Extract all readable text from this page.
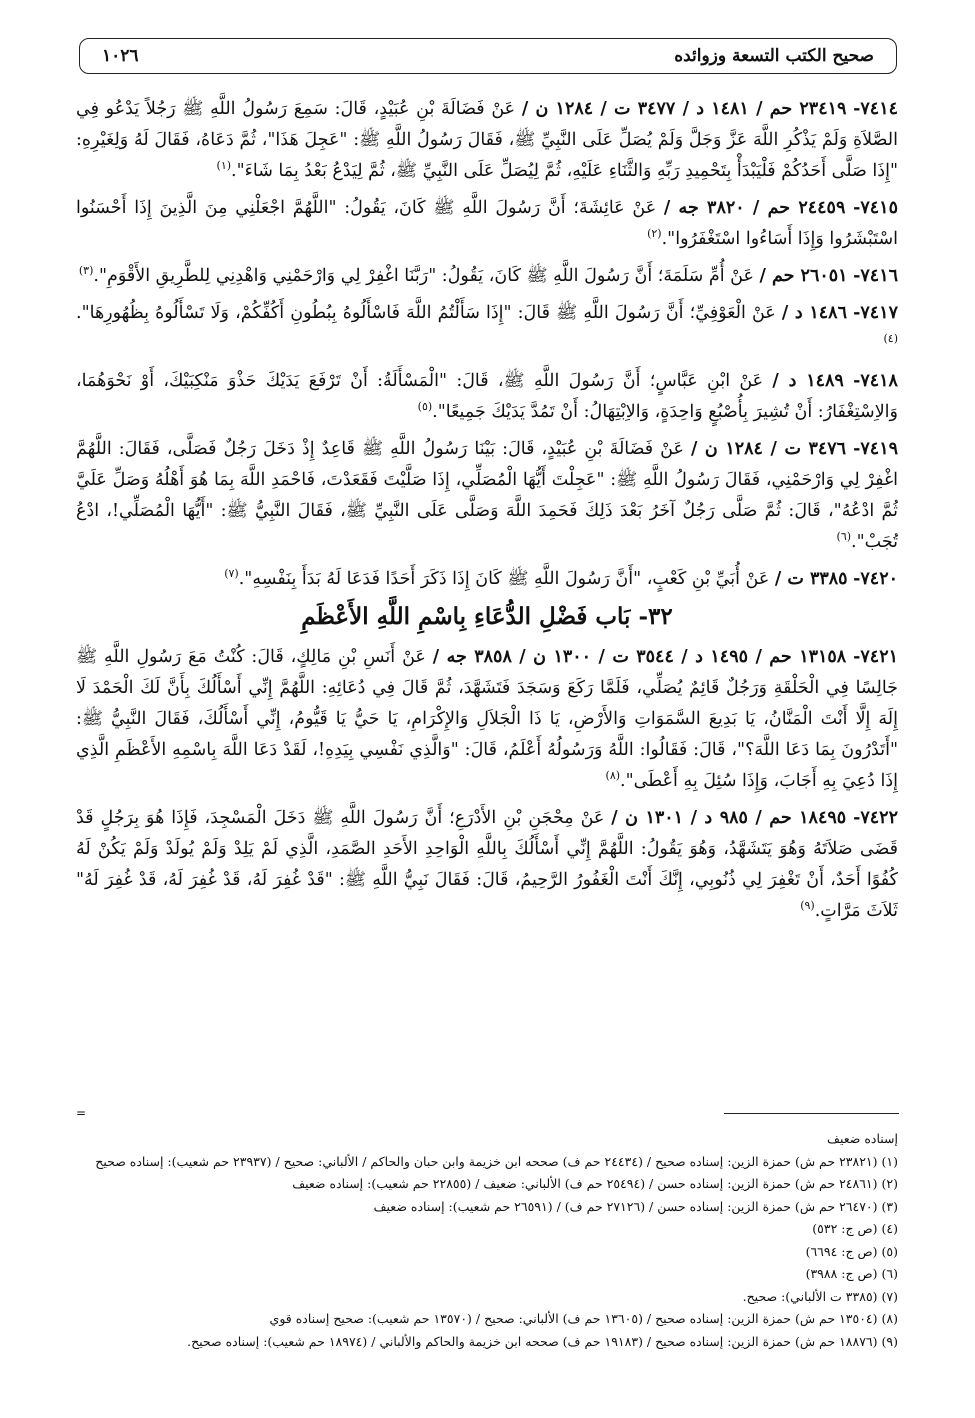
صحيح الكتب التسعة وزوائده
١٠٢٦

٧٤١٤- ٢٣٤١٩ حم / ١٤٨١ د / ٣٤٧٧ ت / ١٢٨٤ ن / عَنْ فَضَالَةَ بْنِ عُبَيْدٍ، قَالَ: سَمِعَ رَسُولُ اللَّهِ ﷺ رَجُلاً يَدْعُو فِي الصَّلاَةِ وَلَمْ يَذْكُرِ اللَّهَ عَزَّ وَجَلَّ وَلَمْ يُصَلِّ عَلَى النَّبِيِّ ﷺ، فَقَالَ رَسُولُ اللَّهِ ﷺ: "عَجِلَ هَذَا"، ثُمَّ دَعَاهُ، فَقَالَ لَهُ وَلِغَيْرِهِ: "إِذَا صَلَّى أَحَدُكُمْ فَلْيَبْدَأْ بِتَحْمِيدِ رَبِّهِ وَالثَّنَاءِ عَلَيْهِ، ثُمَّ لِيُصَلِّ عَلَى النَّبِيِّ ﷺ، ثُمَّ لِيَدْعُ بَعْدُ بِمَا شَاءَ".$^{(١)}$

٧٤١٥- ٢٤٤٥٩ حم / ٣٨٢٠ جه / عَنْ عَائِشَةَ؛ أَنَّ رَسُولَ اللَّهِ ﷺ كَانَ، يَقُولُ: "اللَّهُمَّ اجْعَلْنِي مِنَ الَّذِينَ إِذَا أَحْسَنُوا اسْتَبْشَرُوا وَإِذَا أَسَاءُوا اسْتَغْفَرُوا".$^{(٢)}$

٧٤١٦- ٢٦٠٥١ حم / عَنْ أُمِّ سَلَمَةَ؛ أَنَّ رَسُولَ اللَّهِ ﷺ كَانَ، يَقُولُ: "رَبَّنَا اغْفِرْ لِي وَارْحَمْنِي وَاهْدِنِي لِلطَّرِيقِ الأَقْوَمِ".$^{(٣)}$

٧٤١٧- ١٤٨٦ د / عَنْ الْعَوْفِيِّ؛ أَنَّ رَسُولَ اللَّهِ ﷺ قَالَ: "إِذَا سَأَلْتُمُ اللَّهَ فَاسْأَلُوهُ بِبُطُونِ أَكُفِّكُمْ، وَلَا تَسْأَلُوهُ بِظُهُورِهَا".$^{(٤)}$

٧٤١٨- ١٤٨٩ د / عَنْ ابْنِ عَبَّاسٍ؛ أَنَّ رَسُولَ اللَّهِ ﷺ، قَالَ: "الْمَسْأَلَةُ: أَنْ تَرْفَعَ يَدَيْكَ حَذْوَ مَنْكِبَيْكَ، أَوْ نَحْوَهُمَا، وَالاِسْتِغْفَارُ: أَنْ تُشِيرَ بِأُصْبُعٍ وَاحِدَةٍ، وَالاِبْتِهَالُ: أَنْ تَمُدَّ يَدَيْكَ جَمِيعًا".$^{(٥)}$

٧٤١٩- ٣٤٧٦ ت / ١٢٨٤ ن / عَنْ فَضَالَةَ بْنِ عُبَيْدٍ، قَالَ: بَيْنَا رَسُولُ اللَّهِ ﷺ قَاعِدٌ إِذْ دَخَلَ رَجُلٌ فَصَلَّى، فَقَالَ: اللَّهُمَّ اغْفِرْ لِي وَارْحَمْنِي، فَقَالَ رَسُولُ اللَّهِ ﷺ: "عَجِلْتَ أَيُّهَا الْمُصَلِّي، إِذَا صَلَّيْتَ فَقَعَدْتَ، فَاحْمَدِ اللَّهَ بِمَا هُوَ أَهْلُهُ وَصَلِّ عَلَيَّ ثُمَّ ادْعُهُ"، قَالَ: ثُمَّ صَلَّى رَجُلٌ آخَرُ بَعْدَ ذَلِكَ فَحَمِدَ اللَّهَ وَصَلَّى عَلَى النَّبِيِّ ﷺ، فَقَالَ النَّبِيُّ ﷺ: "أَيُّهَا الْمُصَلِّي!، ادْعُ تُجَبْ".$^{(٦)}$

٧٤٢٠- ٣٣٨٥ ت / عَنْ أُبَيِّ بْنِ كَعْبٍ، "أَنَّ رَسُولَ اللَّهِ ﷺ كَانَ إِذَا ذَكَرَ أَحَدًا فَدَعَا لَهُ بَدَأَ بِنَفْسِهِ".$^{(٧)}$

٣٢- بَاب فَضْلِ الدُّعَاءِ بِاسْمِ اللَّهِ الأَعْظَمِ

٧٤٢١- ١٣١٥٨ حم / ١٤٩٥ د / ٣٥٤٤ ت / ١٣٠٠ ن / ٣٨٥٨ جه / عَنْ أَنَسِ بْنِ مَالِكٍ، قَالَ: كُنْتُ مَعَ رَسُولِ اللَّهِ ﷺ جَالِسًا فِي الْحَلْقَةِ وَرَجُلٌ قَائِمٌ يُصَلِّي، فَلَمَّا رَكَعَ وَسَجَدَ فَتَشَهَّدَ، ثُمَّ قَالَ فِي دُعَائِهِ: اللَّهُمَّ إِنِّي أَسْأَلُكَ بِأَنَّ لَكَ الْحَمْدَ لَا إِلَهَ إِلَّا أَنْتَ الْمَنَّانُ، يَا بَدِيعَ السَّمَوَاتِ وَالأَرْضِ، يَا ذَا الْجَلاَلِ وَالإِكْرَامِ، يَا حَيُّ يَا قَيُّومُ، إِنِّي أَسْأَلُكَ، فَقَالَ النَّبِيُّ ﷺ: "أَتَدْرُونَ بِمَا دَعَا اللَّهَ؟"، قَالَ: فَقَالُوا: اللَّهُ وَرَسُولُهُ أَعْلَمُ، قَالَ: "وَالَّذِي نَفْسِي بِيَدِهِ!، لَقَدْ دَعَا اللَّهَ بِاسْمِهِ الأَعْظَمِ الَّذِي إِذَا دُعِيَ بِهِ أَجَابَ، وَإِذَا سُئِلَ بِهِ أَعْطَى".$^{(٨)}$

٧٤٢٢- ١٨٤٩٥ حم / ٩٨٥ د / ١٣٠١ ن / عَنْ مِحْجَنِ بْنِ الأَدْرَعِ؛ أَنَّ رَسُولَ اللَّهِ ﷺ دَخَلَ الْمَسْجِدَ، فَإِذَا هُوَ بِرَجُلٍ قَدْ قَضَى صَلاَتَهُ وَهُوَ يَتَشَهَّدُ، وَهُوَ يَقُولُ: اللَّهُمَّ إِنِّي أَسْأَلُكَ بِاللَّهِ الْوَاحِدِ الأَحَدِ الصَّمَدِ، الَّذِي لَمْ يَلِدْ وَلَمْ يُولَدْ وَلَمْ يَكُنْ لَهُ كُفُوًا أَحَدٌ، أَنْ تَغْفِرَ لِي ذُنُوبِي، إِنَّكَ أَنْتَ الْغَفُورُ الرَّحِيمُ، قَالَ: فَقَالَ نَبِيُّ اللَّهِ ﷺ: "قَدْ غُفِرَ لَهُ، قَدْ غُفِرَ لَهُ، قَدْ غُفِرَ لَهُ" ثَلاَثَ مَرَّاتٍ.$^{(٩)}$

=

إسناده ضعيف

(١) (٢٣٨٢١ حم ش) حمزة الزين: إسناده صحيح / (٢٤٤٣٤ حم ف) صححه ابن خزيمة وابن حبان والحاكم / الألباني: صحيح / (٢٣٩٣٧ حم شعيب): إسناده صحيح

(٢) (٢٤٨٦١ حم ش) حمزة الزين: إسناده حسن / (٢٥٤٩٤ حم ف) الألباني: ضعيف / (٢٢٨٥٥ حم شعيب): إسناده ضعيف

(٣) (٢٦٤٧٠ حم ش) حمزة الزين: إسناده حسن / (٢٧١٢٦ حم ف) / (٢٦٥٩١ حم شعيب): إسناده ضعيف

(٤) (ص ج: ٥٣٢)

(٥) (ص ج: ٦٦٩٤)

(٦) (ص ج: ٣٩٨٨)

(٧) (٣٣٨٥ ت الألباني): صحيح.

(٨) (١٣٥٠٤ حم ش) حمزة الزين: إسناده صحيح / (١٣٦٠٥ حم ف) الألباني: صحيح / (١٣٥٧٠ حم شعيب): صحيح إسناده قوي

(٩) (١٨٨٧٦ حم ش) حمزة الزين: إسناده صحيح / (١٩١٨٣ حم ف) صححه ابن خزيمة والحاكم والألباني / (١٨٩٧٤ حم شعيب): إسناده صحيح.
